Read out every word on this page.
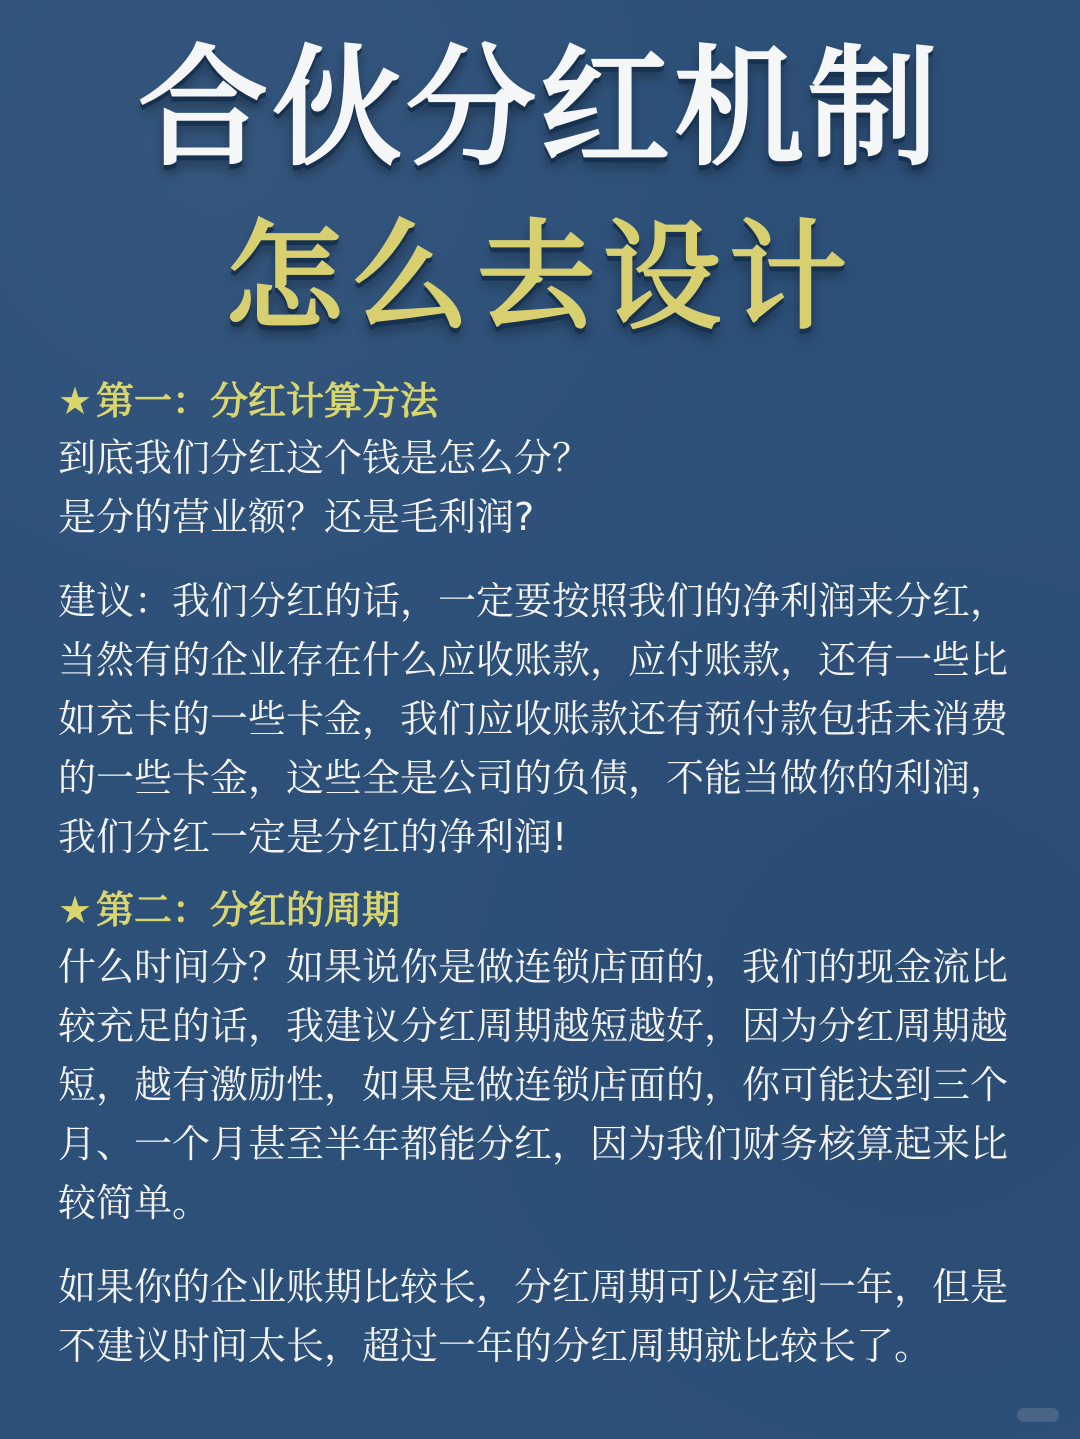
合伙分红机制
怎么去设计
★ 第一：分红计算方法

到底我们分红这个钱是怎么分？
是分的营业额？还是毛利润?

建议：我们分红的话，一定要按照我们的净利润来分红，当然有的企业存在什么应收账款，应付账款，还有一些比如充卡的一些卡金，我们应收账款还有预付款包括未消费的一些卡金，这些全是公司的负债，不能当做你的利润，我们分红一定是分红的净利润!

★ 第二：分红的周期

什么时间分？如果说你是做连锁店面的，我们的现金流比较充足的话，我建议分红周期越短越好，因为分红周期越短，越有激励性，如果是做连锁店面的，你可能达到三个月、一个月甚至半年都能分红，因为我们财务核算起来比较简单。

如果你的企业账期比较长，分红周期可以定到一年，但是不建议时间太长，超过一年的分红周期就比较长了。
